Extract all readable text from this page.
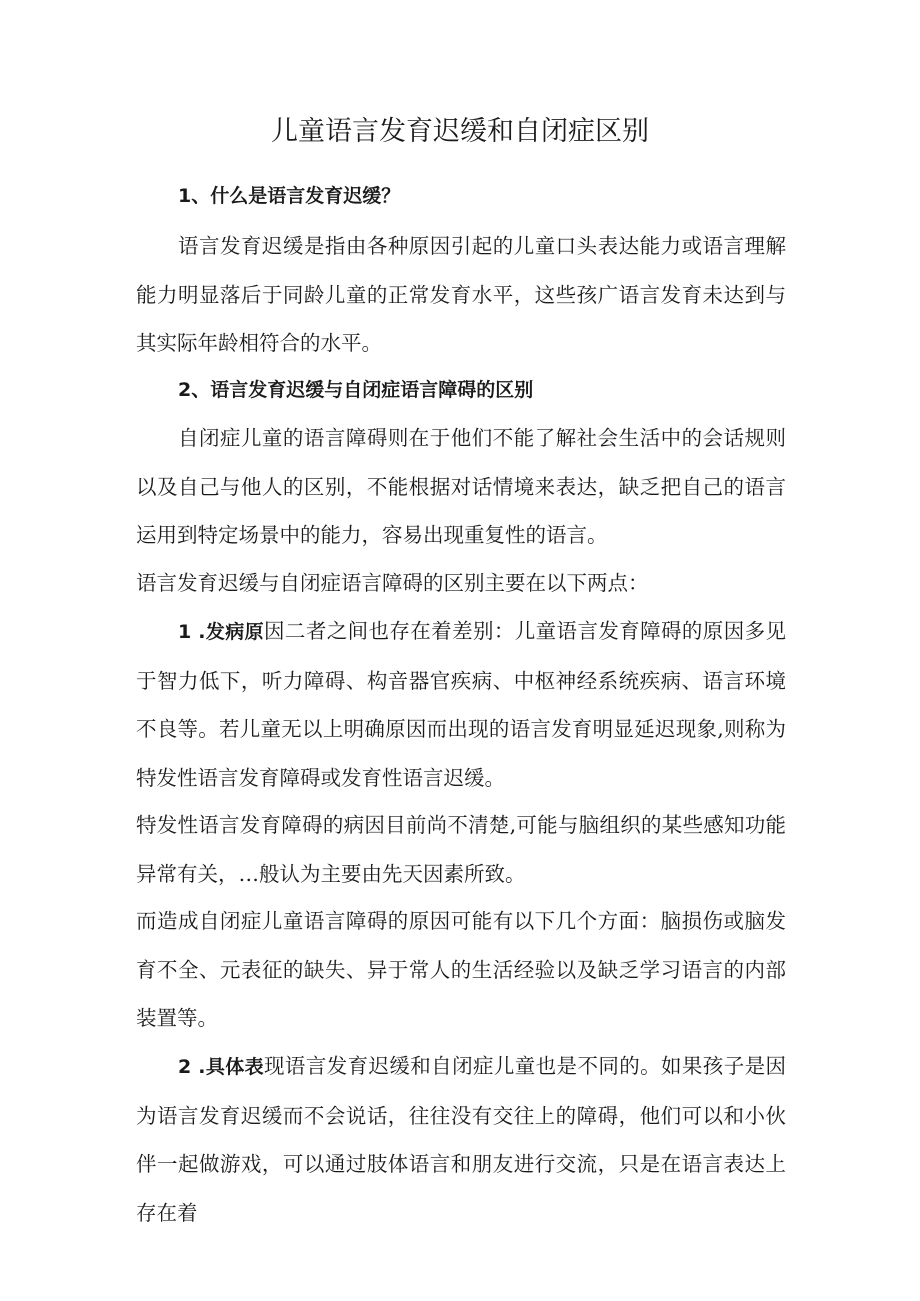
儿童语言发育迟缓和自闭症区别
1、什么是语言发育迟缓？

语言发育迟缓是指由各种原因引起的儿童口头表达能力或语言理解能力明显落后于同龄儿童的正常发育水平，这些孩广语言发育未达到与其实际年龄相符合的水平。

2、语言发育迟缓与自闭症语言障碍的区别

自闭症儿童的语言障碍则在于他们不能了解社会生活中的会话规则以及自己与他人的区别，不能根据对话情境来表达，缺乏把自己的语言运用到特定场景中的能力，容易出现重复性的语言。

语言发育迟缓与自闭症语言障碍的区别主要在以下两点：

1 .发病原因二者之间也存在着差别：儿童语言发育障碍的原因多见于智力低下，听力障碍、构音器官疾病、中枢神经系统疾病、语言环境不良等。若儿童无以上明确原因而出现的语言发育明显延迟现象,则称为特发性语言发育障碍或发育性语言迟缓。

特发性语言发育障碍的病因目前尚不清楚,可能与脑组织的某些感知功能异常有关，…般认为主要由先天因素所致。

而造成自闭症儿童语言障碍的原因可能有以下几个方面：脑损伤或脑发育不全、元表征的缺失、异于常人的生活经验以及缺乏学习语言的内部装置等。

2 .具体表现语言发育迟缓和自闭症儿童也是不同的。如果孩子是因为语言发育迟缓而不会说话，往往没有交往上的障碍，他们可以和小伙伴一起做游戏，可以通过肢体语言和朋友进行交流，只是在语言表达上存在着
